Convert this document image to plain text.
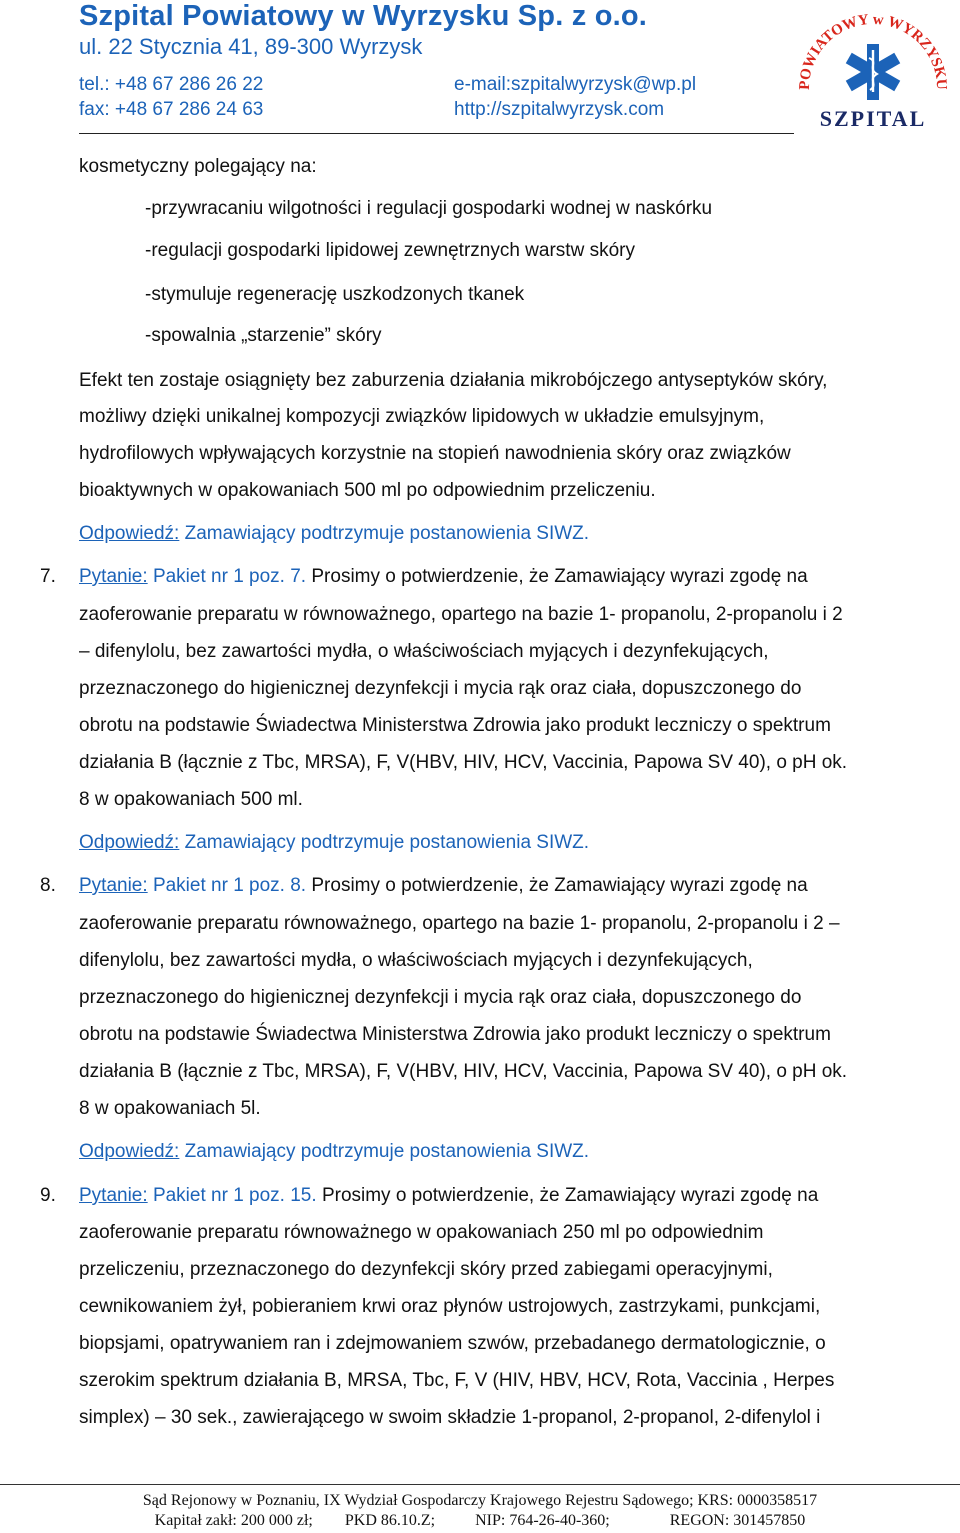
Szpital Powiatowy w Wyrzysku Sp. z o.o.
ul. 22 Stycznia 41, 89-300 Wyrzysk
tel.: +48 67 286 26 22
fax: +48 67 286 24 63
e-mail:szpitalwyrzysk@wp.pl
http://szpitalwyrzysk.com
POWIATOWY w WYRZYSKU
SZPITAL
kosmetyczny polegający na:
-przywracaniu wilgotności i regulacji gospodarki wodnej w naskórku
-regulacji gospodarki lipidowej zewnętrznych warstw skóry
-stymuluje regenerację uszkodzonych tkanek
-spowalnia „starzenie” skóry
Efekt ten zostaje osiągnięty bez zaburzenia działania mikrobójczego antyseptyków skóry,
możliwy dzięki unikalnej kompozycji związków lipidowych w układzie emulsyjnym,
hydrofilowych wpływających korzystnie na stopień nawodnienia skóry oraz związków
bioaktywnych w opakowaniach 500 ml po odpowiednim przeliczeniu.
Odpowiedź: Zamawiający podtrzymuje postanowienia SIWZ.
7. Pytanie: Pakiet nr 1 poz. 7. Prosimy o potwierdzenie, że Zamawiający wyrazi zgodę na
zaoferowanie preparatu w równoważnego, opartego na bazie 1- propanolu, 2-propanolu i 2
– difenylolu, bez zawartości mydła, o właściwościach myjących i dezynfekujących,
przeznaczonego do higienicznej dezynfekcji i mycia rąk oraz ciała, dopuszczonego do
obrotu na podstawie Świadectwa Ministerstwa Zdrowia jako produkt leczniczy o spektrum
działania B (łącznie z Tbc, MRSA), F, V(HBV, HIV, HCV, Vaccinia, Papowa SV 40), o pH ok.
8 w opakowaniach 500 ml.
Odpowiedź: Zamawiający podtrzymuje postanowienia SIWZ.
8. Pytanie: Pakiet nr 1 poz. 8. Prosimy o potwierdzenie, że Zamawiający wyrazi zgodę na
zaoferowanie preparatu równoważnego, opartego na bazie 1- propanolu, 2-propanolu i 2 –
difenylolu, bez zawartości mydła, o właściwościach myjących i dezynfekujących,
przeznaczonego do higienicznej dezynfekcji i mycia rąk oraz ciała, dopuszczonego do
obrotu na podstawie Świadectwa Ministerstwa Zdrowia jako produkt leczniczy o spektrum
działania B (łącznie z Tbc, MRSA), F, V(HBV, HIV, HCV, Vaccinia, Papowa SV 40), o pH ok.
8 w opakowaniach 5l.
Odpowiedź: Zamawiający podtrzymuje postanowienia SIWZ.
9. Pytanie: Pakiet nr 1 poz. 15. Prosimy o potwierdzenie, że Zamawiający wyrazi zgodę na
zaoferowanie preparatu równoważnego w opakowaniach 250 ml po odpowiednim
przeliczeniu, przeznaczonego do dezynfekcji skóry przed zabiegami operacyjnymi,
cewnikowaniem żył, pobieraniem krwi oraz płynów ustrojowych, zastrzykami, punkcjami,
biopsjami, opatrywaniem ran i zdejmowaniem szwów, przebadanego dermatologicznie, o
szerokim spektrum działania B, MRSA, Tbc, F, V (HIV, HBV, HCV, Rota, Vaccinia , Herpes
simplex) – 30 sek., zawierającego w swoim składzie 1-propanol, 2-propanol, 2-difenylol i
Sąd Rejonowy w Poznaniu, IX Wydział Gospodarczy Krajowego Rejestru Sądowego; KRS: 0000358517
Kapitał zakł: 200 000 zł; PKD 86.10.Z;	NIP: 764-26-40-360;	REGON: 301457850
